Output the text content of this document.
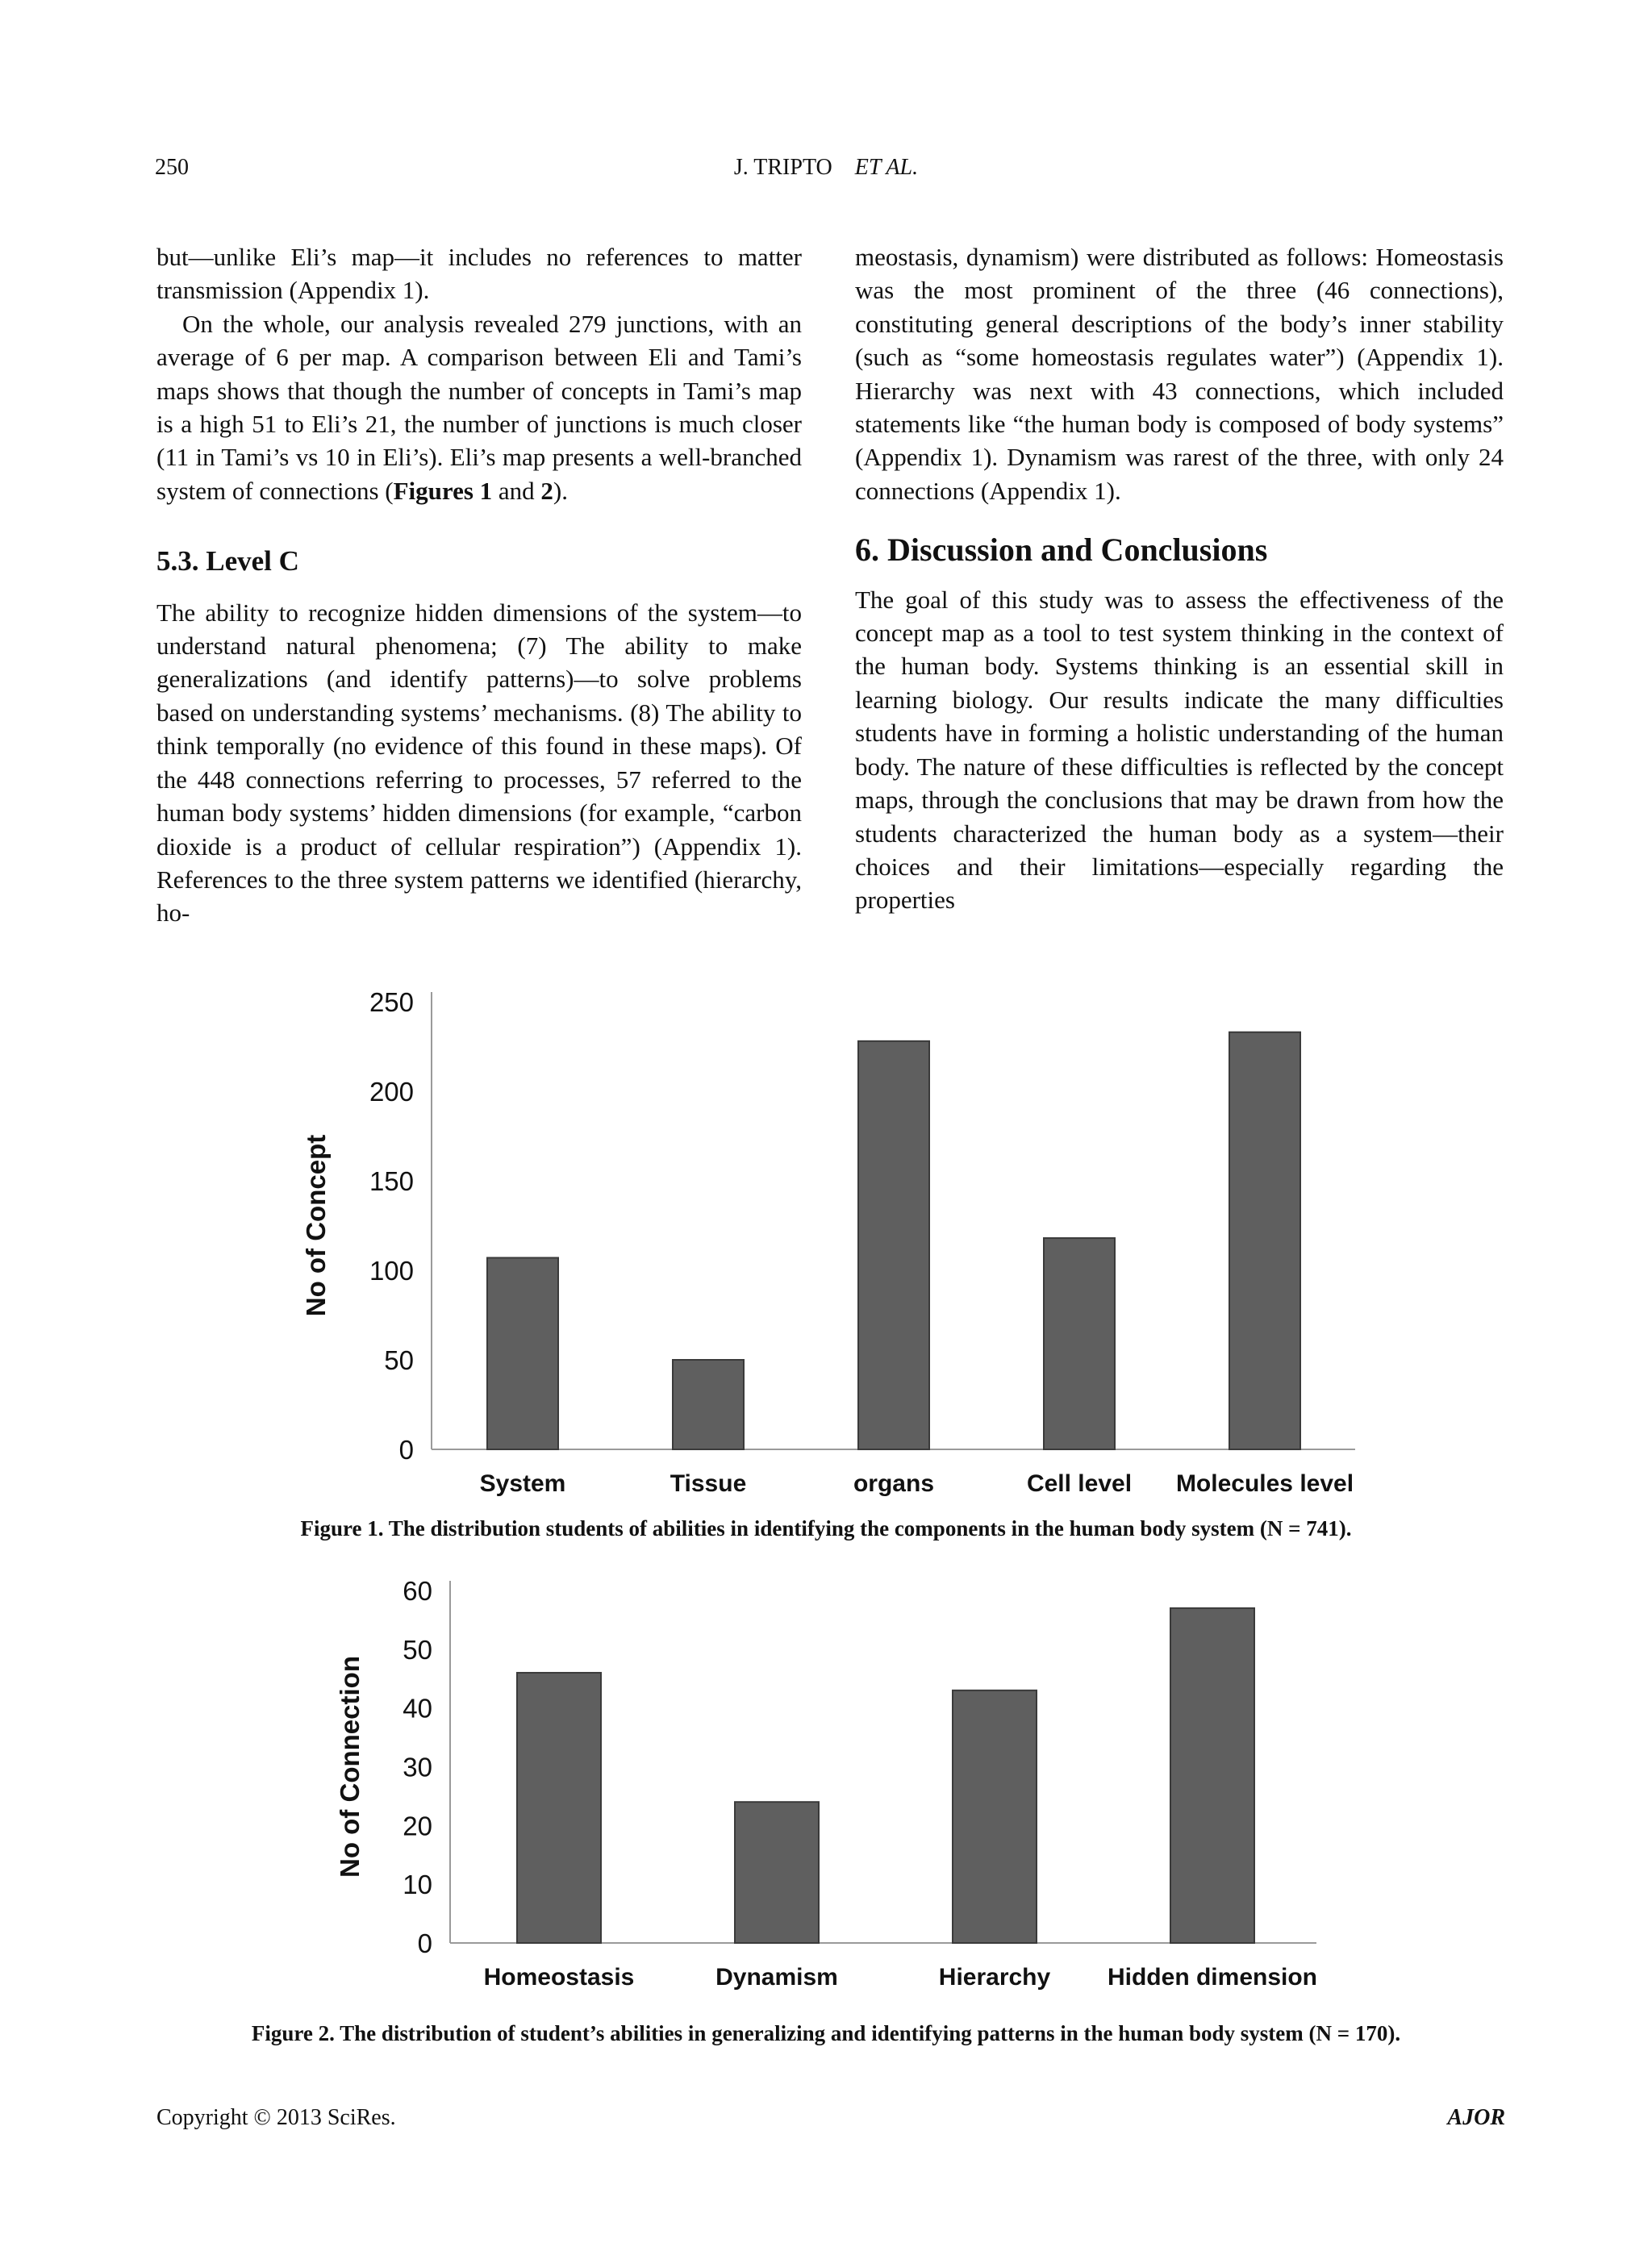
250	J. TRIPTO ET AL.

but—unlike Eli’s map—it includes no references to matter transmission (Appendix 1).

On the whole, our analysis revealed 279 junctions, with an average of 6 per map. A comparison between Eli and Tami’s maps shows that though the number of concepts in Tami’s map is a high 51 to Eli’s 21, the number of junctions is much closer (11 in Tami’s vs 10 in Eli’s). Eli’s map presents a well-branched system of connections (Figures 1 and 2).

5.3. Level C

The ability to recognize hidden dimensions of the system—to understand natural phenomena; (7) The ability to make generalizations (and identify patterns)—to solve problems based on understanding systems’ mechanisms. (8) The ability to think temporally (no evidence of this found in these maps). Of the 448 connections referring to processes, 57 referred to the human body systems’ hidden dimensions (for example, “carbon dioxide is a product of cellular respiration”) (Appendix 1). References to the three system patterns we identified (hierarchy, ho-

meostasis, dynamism) were distributed as follows: Homeostasis was the most prominent of the three (46 connections), constituting general descriptions of the body’s inner stability (such as “some homeostasis regulates water”) (Appendix 1). Hierarchy was next with 43 connections, which included statements like “the human body is composed of body systems” (Appendix 1). Dynamism was rarest of the three, with only 24 connections (Appendix 1).

6. Discussion and Conclusions

The goal of this study was to assess the effectiveness of the concept map as a tool to test system thinking in the context of the human body. Systems thinking is an essential skill in learning biology. Our results indicate the many difficulties students have in forming a holistic understanding of the human body. The nature of these difficulties is reflected by the concept maps, through the conclusions that may be drawn from how the students characterized the human body as a system—their choices and their limitations—especially regarding the properties

0
50
100
150
200
250
No of Concept
System	Tissue	organs	Cell level Molecules level
Figure 1. The distribution students of abilities in identifying the components in the human body system (N = 741).
0
10
20
30
40
50
60
No of Connection
Homeostasis	Dynamism	Hierarchy Hidden dimension
Figure 2. The distribution of student’s abilities in generalizing and identifying patterns in the human body system (N = 170).
Copyright © 2013 SciRes.	AJOR
